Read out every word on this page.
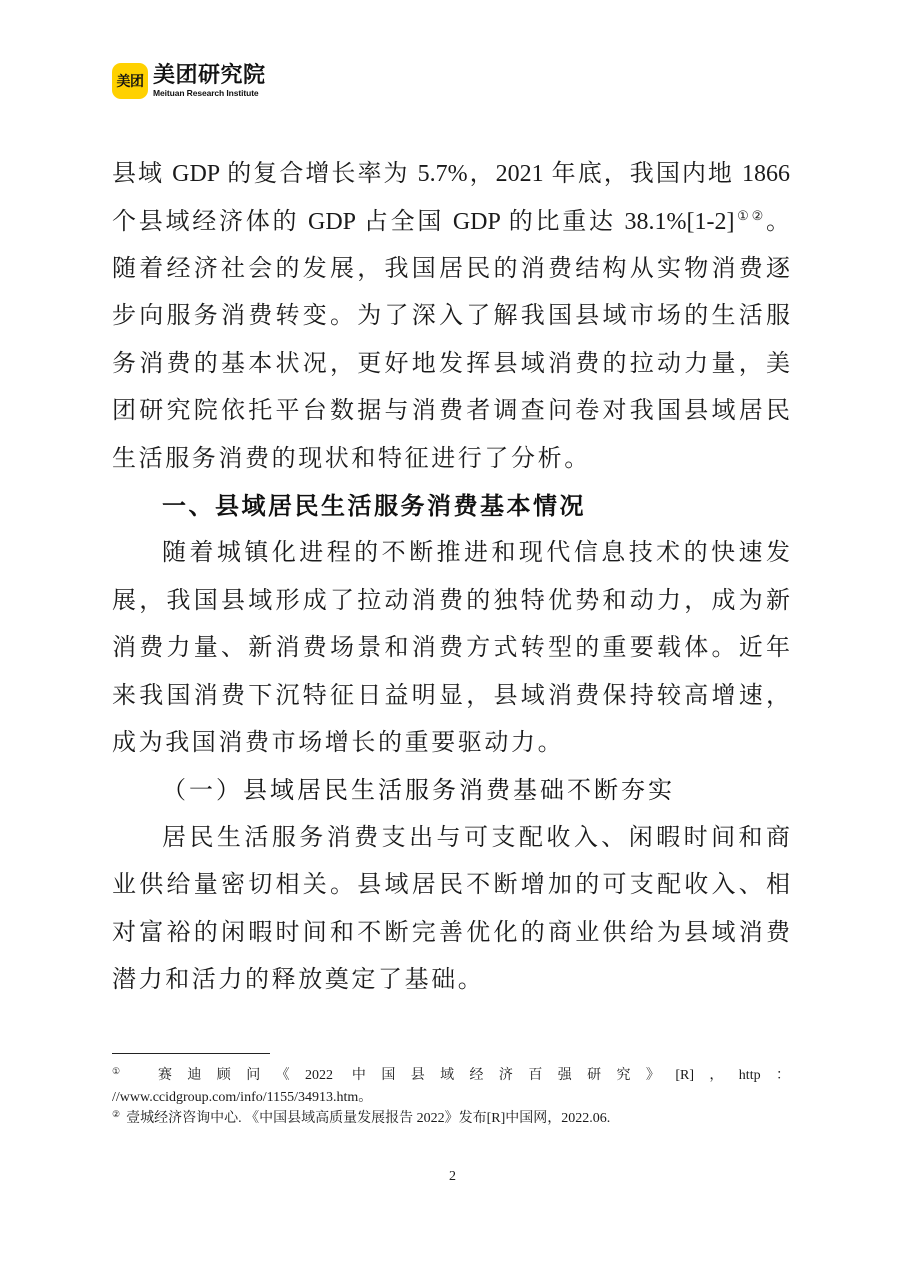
美团 美团研究院
Meituan Research Institute
县域 GDP 的复合增长率为 5.7%，2021 年底，我国内地 1866
个县域经济体的 GDP 占全国 GDP 的比重达 38.1%[1-2]①②。
随着经济社会的发展，我国居民的消费结构从实物消费逐
步向服务消费转变。为了深入了解我国县域市场的生活服
务消费的基本状况，更好地发挥县域消费的拉动力量，美
团研究院依托平台数据与消费者调查问卷对我国县域居民
生活服务消费的现状和特征进行了分析。
一、县域居民生活服务消费基本情况
随着城镇化进程的不断推进和现代信息技术的快速发
展，我国县域形成了拉动消费的独特优势和动力，成为新
消费力量、新消费场景和消费方式转型的重要载体。近年
来我国消费下沉特征日益明显，县域消费保持较高增速，
成为我国消费市场增长的重要驱动力。
（一）县域居民生活服务消费基础不断夯实
居民生活服务消费支出与可支配收入、闲暇时间和商
业供给量密切相关。县域居民不断增加的可支配收入、相
对富裕的闲暇时间和不断完善优化的商业供给为县域消费
潜力和活力的释放奠定了基础。
①	赛迪顾问《2022 中国县域经济百强研究》[R]，http：
//www.ccidgroup.com/info/1155/34913.htm。
② 壹城经济咨询中心. 《中国县域高质量发展报告 2022》发布[R]中国网，2022.06.
2
